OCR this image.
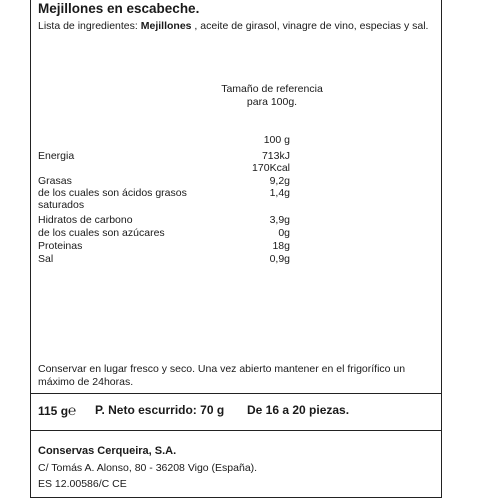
Mejillones en escabeche.
Lista de ingredientes: Mejillones , aceite de girasol, vinagre de vino, especias y sal.
Tamaño de referencia
para 100g.
100 g
Energia	713kJ
170Kcal
Grasas	9,2g
de los cuales son ácidos grasos	1,4g
saturados
Hidratos de carbono	3,9g
de los cuales son azúcares	0g
Proteinas	18g
Sal	0,9g
Conservar en lugar fresco y seco. Una vez abierto mantener en el frigorífico un
máximo de 24horas.
115 g℮ P. Neto escurrido: 70 g De 16 a 20 piezas.
Conservas Cerqueira, S.A.
C/ Tomás A. Alonso, 80 - 36208 Vigo (España).
ES 12.00586/C CE
